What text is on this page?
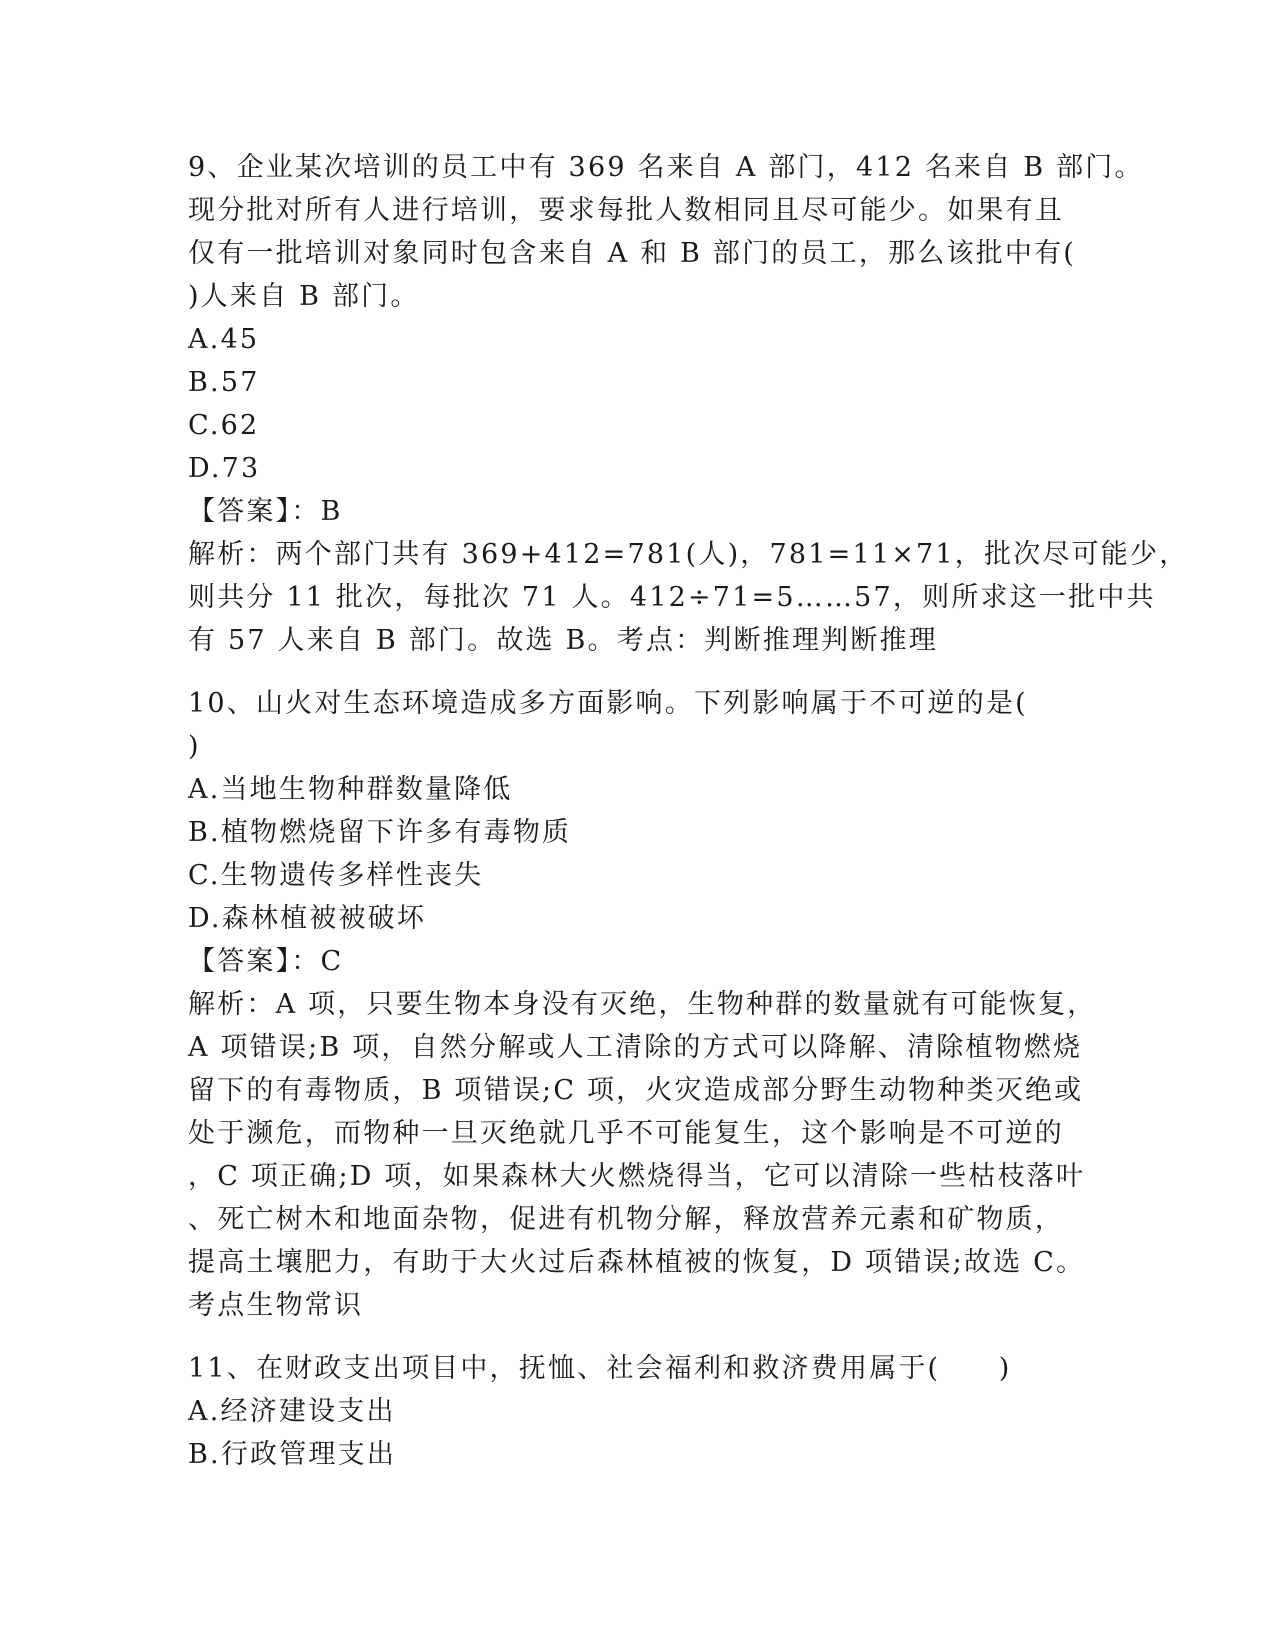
9、企业某次培训的员工中有 369 名来自 A 部门，412 名来自 B 部门。
现分批对所有人进行培训，要求每批人数相同且尽可能少。如果有且
仅有一批培训对象同时包含来自 A 和 B 部门的员工，那么该批中有(
)人来自 B 部门。
A.45
B.57
C.62
D.73
【答案】：B
解析：两个部门共有 369+412=781(人)，781=11×71，批次尽可能少，
则共分 11 批次，每批次 71 人。412÷71=5……57，则所求这一批中共
有 57 人来自 B 部门。故选 B。考点：判断推理判断推理
10、山火对生态环境造成多方面影响。下列影响属于不可逆的是(
)
A.当地生物种群数量降低
B.植物燃烧留下许多有毒物质
C.生物遗传多样性丧失
D.森林植被被破坏
【答案】：C
解析：A 项，只要生物本身没有灭绝，生物种群的数量就有可能恢复，
A 项错误;B 项，自然分解或人工清除的方式可以降解、清除植物燃烧
留下的有毒物质，B 项错误;C 项，火灾造成部分野生动物种类灭绝或
处于濒危，而物种一旦灭绝就几乎不可能复生，这个影响是不可逆的
，C 项正确;D 项，如果森林大火燃烧得当，它可以清除一些枯枝落叶
、死亡树木和地面杂物，促进有机物分解，释放营养元素和矿物质，
提高土壤肥力，有助于大火过后森林植被的恢复，D 项错误;故选 C。
考点生物常识
11、在财政支出项目中，抚恤、社会福利和救济费用属于(　　)
A.经济建设支出
B.行政管理支出
